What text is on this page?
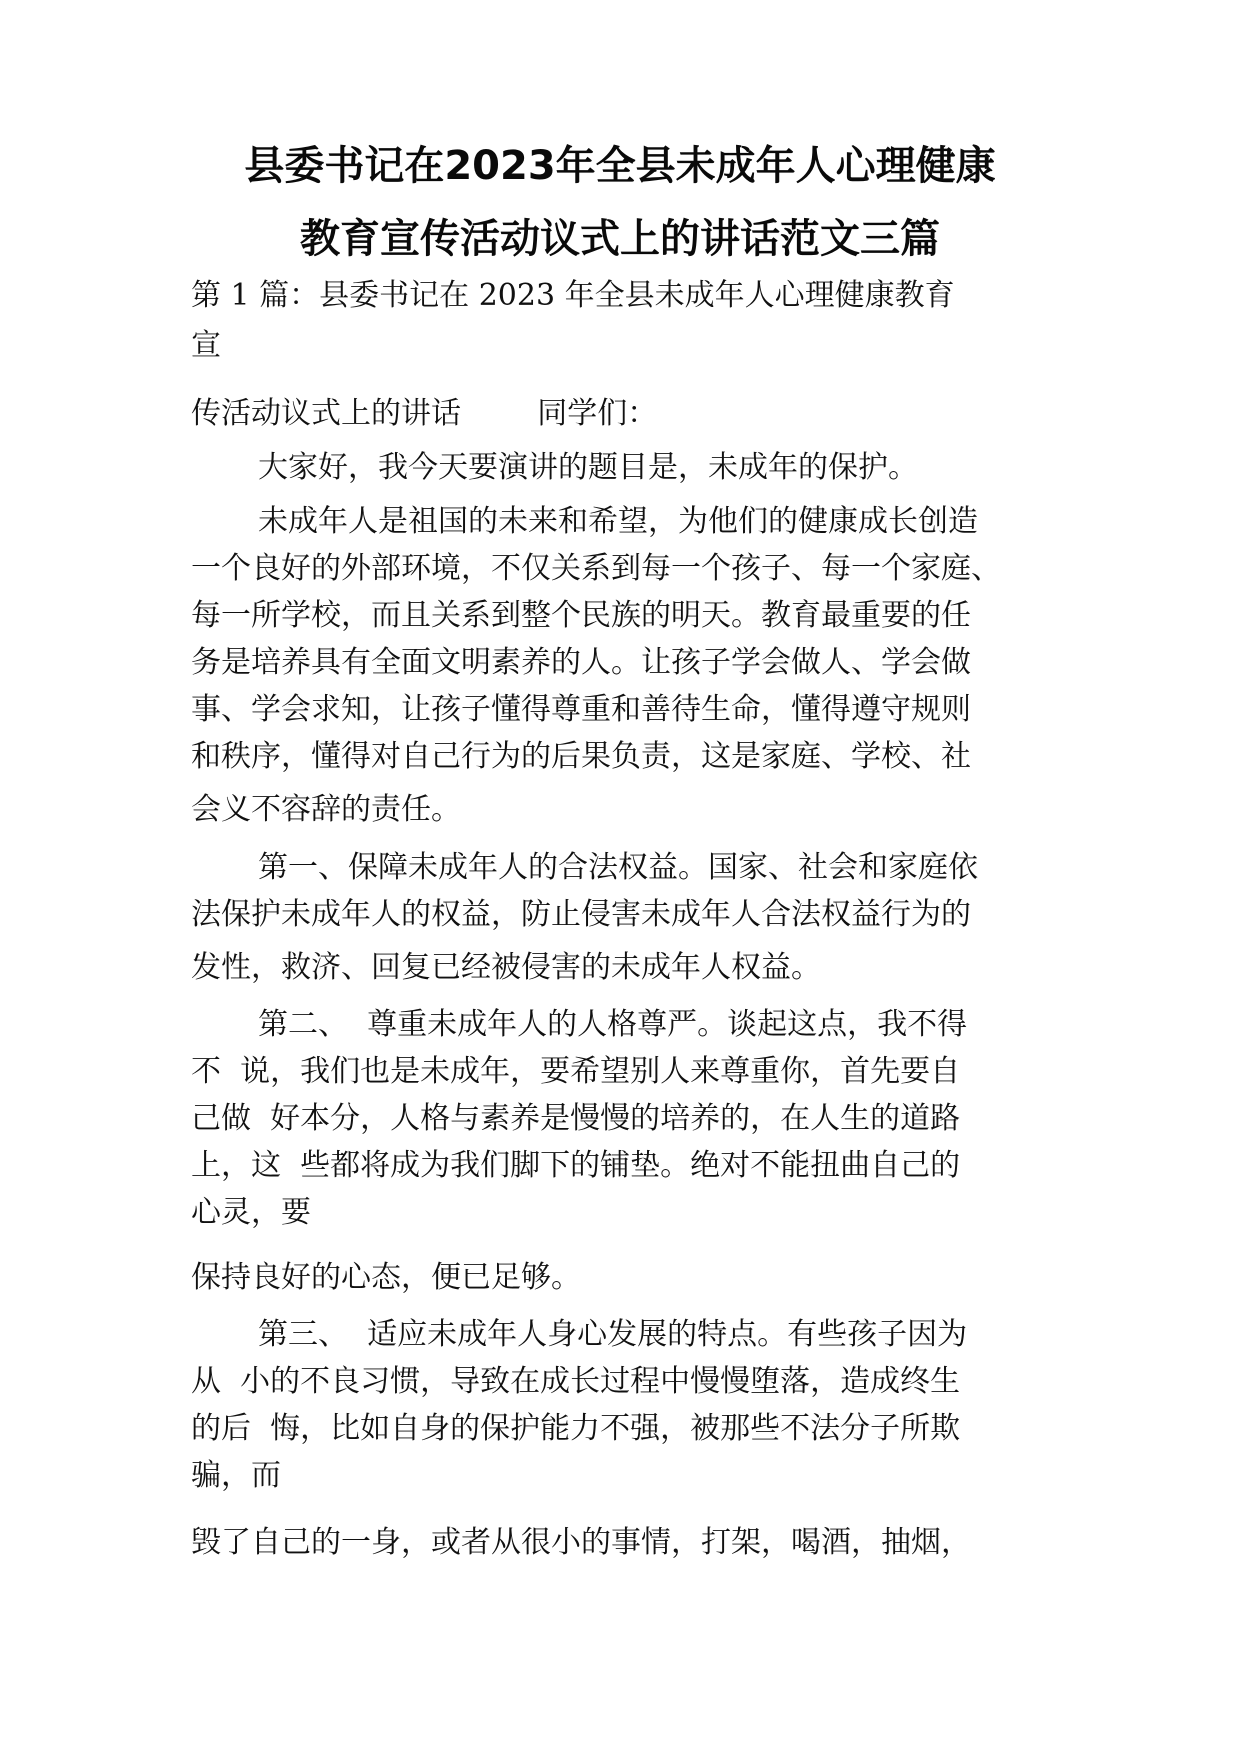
县委书记在2023年全县未成年人心理健康
教育宣传活动议式上的讲话范文三篇
第 1 篇：县委书记在 2023 年全县未成年人心理健康教育
宣
传活动议式上的讲话        同学们：
大家好，我今天要演讲的题目是，未成年的保护。
未成年人是祖国的未来和希望，为他们的健康成长创造
一个良好的外部环境，不仅关系到每一个孩子、每一个家庭、
每一所学校，而且关系到整个民族的明天。教育最重要的任
务是培养具有全面文明素养的人。让孩子学会做人、学会做
事、学会求知，让孩子懂得尊重和善待生命，懂得遵守规则
和秩序，懂得对自己行为的后果负责，这是家庭、学校、社
会义不容辞的责任。
第一、保障未成年人的合法权益。国家、社会和家庭依
法保护未成年人的权益，防止侵害未成年人合法权益行为的
发性，救济、回复已经被侵害的未成年人权益。
第二、  尊重未成年人的人格尊严。谈起这点，我不得
不  说，我们也是未成年，要希望别人来尊重你，首先要自
己做  好本分，人格与素养是慢慢的培养的，在人生的道路
上，这  些都将成为我们脚下的铺垫。绝对不能扭曲自己的
心灵，要
保持良好的心态，便已足够。
第三、  适应未成年人身心发展的特点。有些孩子因为
从  小的不良习惯，导致在成长过程中慢慢堕落，造成终生
的后  悔，比如自身的保护能力不强，被那些不法分子所欺
骗，而
毁了自己的一身，或者从很小的事情，打架，喝酒，抽烟，
